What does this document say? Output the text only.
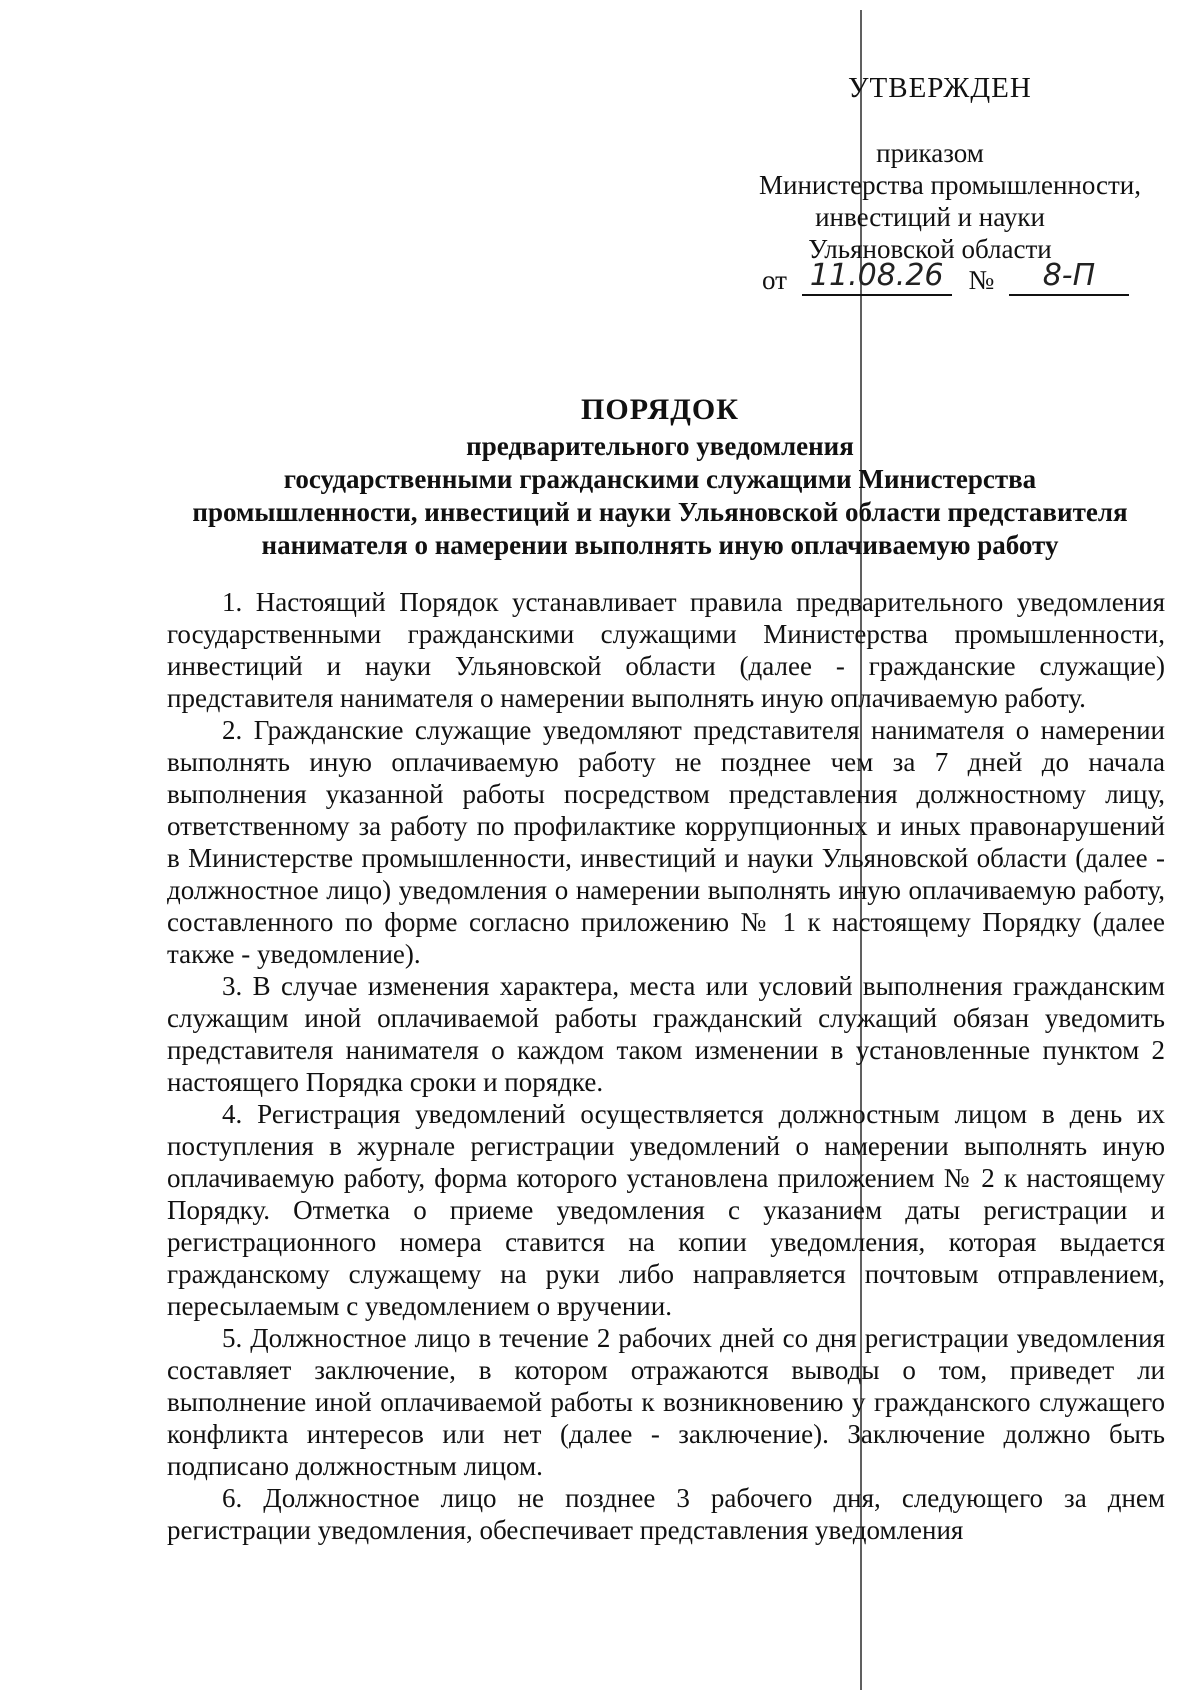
УТВЕРЖДЕН
приказом
Министерства промышленности,
инвестиций и науки
Ульяновской области
от 11.08.26 № 8-П
ПОРЯДОК
предварительного уведомления
государственными гражданскими служащими Министерства
промышленности, инвестиций и науки Ульяновской области представителя
нанимателя о намерении выполнять иную оплачиваемую работу

1. Настоящий Порядок устанавливает правила предварительного уведомления государственными гражданскими служащими Министерства промышленности, инвестиций и науки Ульяновской области (далее - гражданские служащие) представителя нанимателя о намерении выполнять иную оплачиваемую работу.

2. Гражданские служащие уведомляют представителя нанимателя о намерении выполнять иную оплачиваемую работу не позднее чем за 7 дней до начала выполнения указанной работы посредством представления должностному лицу, ответственному за работу по профилактике коррупционных и иных правонарушений в Министерстве промышленности, инвестиций и науки Ульяновской области (далее - должностное лицо) уведомления о намерении выполнять иную оплачиваемую работу, составленного по форме согласно приложению № 1 к настоящему Порядку (далее также - уведомление).

3. В случае изменения характера, места или условий выполнения гражданским служащим иной оплачиваемой работы гражданский служащий обязан уведомить представителя нанимателя о каждом таком изменении в установленные пунктом 2 настоящего Порядка сроки и порядке.

4. Регистрация уведомлений осуществляется должностным лицом в день их поступления в журнале регистрации уведомлений о намерении выполнять иную оплачиваемую работу, форма которого установлена приложением № 2 к настоящему Порядку. Отметка о приеме уведомления с указанием даты регистрации и регистрационного номера ставится на копии уведомления, которая выдается гражданскому служащему на руки либо направляется почтовым отправлением, пересылаемым с уведомлением о вручении.

5. Должностное лицо в течение 2 рабочих дней со дня регистрации уведомления составляет заключение, в котором отражаются выводы о том, приведет ли выполнение иной оплачиваемой работы к возникновению у гражданского служащего конфликта интересов или нет (далее - заключение). Заключение должно быть подписано должностным лицом.

6. Должностное лицо не позднее 3 рабочего дня, следующего за днем регистрации уведомления, обеспечивает представления уведомления
